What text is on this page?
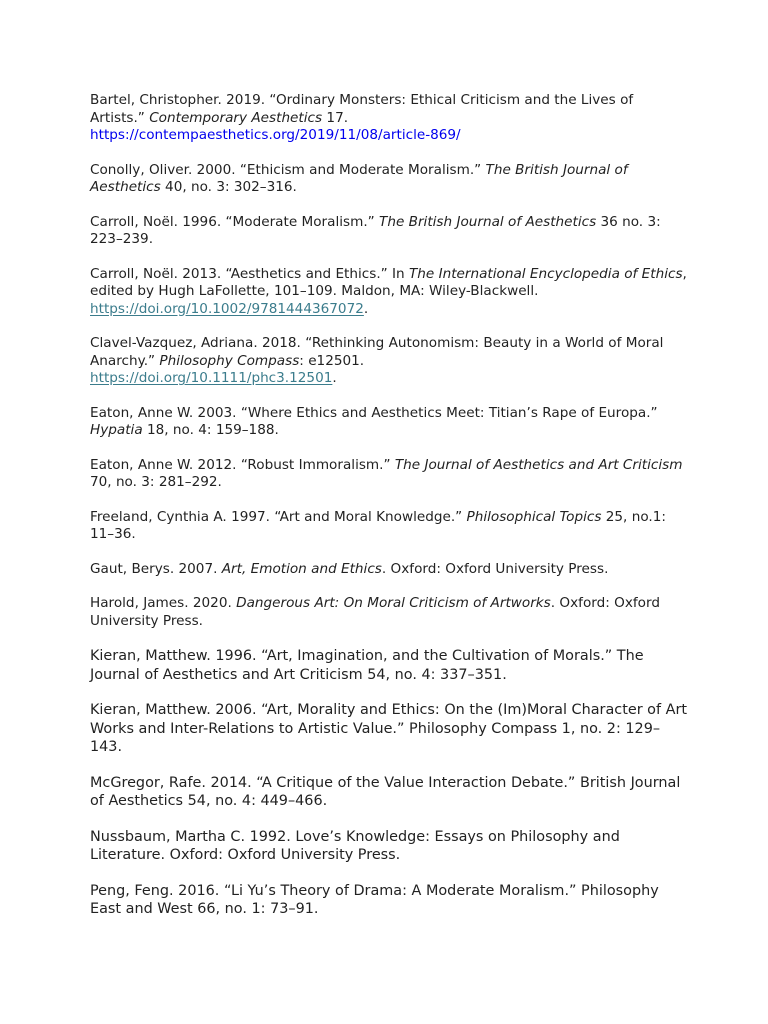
Bartel, Christopher. 2019. “Ordinary Monsters: Ethical Criticism and the Lives of Artists.” Contemporary Aesthetics 17.
https://contempaesthetics.org/2019/11/08/article-869/

Conolly, Oliver. 2000. “Ethicism and Moderate Moralism.” The British Journal of Aesthetics 40, no. 3: 302–316.

Carroll, Noël. 1996. “Moderate Moralism.” The British Journal of Aesthetics 36 no. 3: 223–239.

Carroll, Noël. 2013. “Aesthetics and Ethics.” In The International Encyclopedia of Ethics, edited by Hugh LaFollette, 101–109. Maldon, MA: Wiley-Blackwell.
https://doi.org/10.1002/9781444367072.

Clavel-Vazquez, Adriana. 2018. “Rethinking Autonomism: Beauty in a World of Moral Anarchy.” Philosophy Compass: e12501.
https://doi.org/10.1111/phc3.12501.

Eaton, Anne W. 2003. “Where Ethics and Aesthetics Meet: Titian’s Rape of Europa.” Hypatia 18, no. 4: 159–188.

Eaton, Anne W. 2012. “Robust Immoralism.” The Journal of Aesthetics and Art Criticism 70, no. 3: 281–292.

Freeland, Cynthia A. 1997. “Art and Moral Knowledge.” Philosophical Topics 25, no.1: 11–36.

Gaut, Berys. 2007. Art, Emotion and Ethics. Oxford: Oxford University Press.

Harold, James. 2020. Dangerous Art: On Moral Criticism of Artworks. Oxford: Oxford University Press.

Kieran, Matthew. 1996. “Art, Imagination, and the Cultivation of Morals.” The Journal of Aesthetics and Art Criticism 54, no. 4: 337–351.

Kieran, Matthew. 2006. “Art, Morality and Ethics: On the (Im)Moral Character of Art Works and Inter-Relations to Artistic Value.” Philosophy Compass 1, no. 2: 129–143.

McGregor, Rafe. 2014. “A Critique of the Value Interaction Debate.” British Journal of Aesthetics 54, no. 4: 449–466.

Nussbaum, Martha C. 1992. Love’s Knowledge: Essays on Philosophy and Literature. Oxford: Oxford University Press.

Peng, Feng. 2016. “Li Yu’s Theory of Drama: A Moderate Moralism.” Philosophy East and West 66, no. 1: 73–91.
